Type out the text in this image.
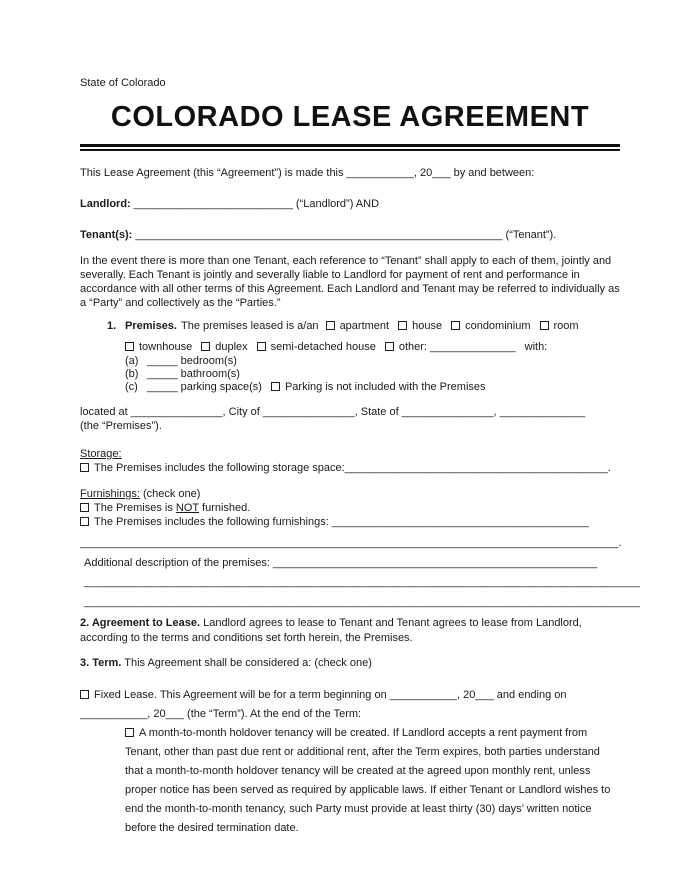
State of Colorado
COLORADO LEASE AGREEMENT
This Lease Agreement (this “Agreement”) is made this ___________, 20___ by and between:
Landlord: __________________________ (“Landlord”) AND
Tenant(s): ____________________________________________________________ (“Tenant”).
In the event there is more than one Tenant, each reference to “Tenant” shall apply to each of them, jointly and severally. Each Tenant is jointly and severally liable to Landlord for payment of rent and performance in accordance with all other terms of this Agreement. Each Landlord and Tenant may be referred to individually as a “Party” and collectively as the “Parties.”
1. Premises. The premises leased is a/an apartment house condominium room
townhouse duplex semi-detached house other: ______________ with:
(a) _____ bedroom(s)
(b) _____ bathroom(s)
(c) _____ parking space(s) Parking is not included with the Premises
located at _______________, City of _______________, State of _______________, ______________
(the “Premises”).
Storage:
The Premises includes the following storage space:___________________________________________.
Furnishings: (check one)
The Premises is NOT furnished.
The Premises includes the following furnishings: __________________________________________
________________________________________________________________________________________.
Additional description of the premises: _____________________________________________________
________________________________________________________________________________________
________________________________________________________________________________________
2. Agreement to Lease. Landlord agrees to lease to Tenant and Tenant agrees to lease from Landlord, according to the terms and conditions set forth herein, the Premises.
3. Term. This Agreement shall be considered a: (check one)
Fixed Lease. This Agreement will be for a term beginning on ___________, 20___ and ending on ___________, 20___ (the “Term”). At the end of the Term:
A month-to-month holdover tenancy will be created. If Landlord accepts a rent payment from Tenant, other than past due rent or additional rent, after the Term expires, both parties understand that a month-to-month holdover tenancy will be created at the agreed upon monthly rent, unless proper notice has been served as required by applicable laws. If either Tenant or Landlord wishes to end the month-to-month tenancy, such Party must provide at least thirty (30) days’ written notice before the desired termination date.
